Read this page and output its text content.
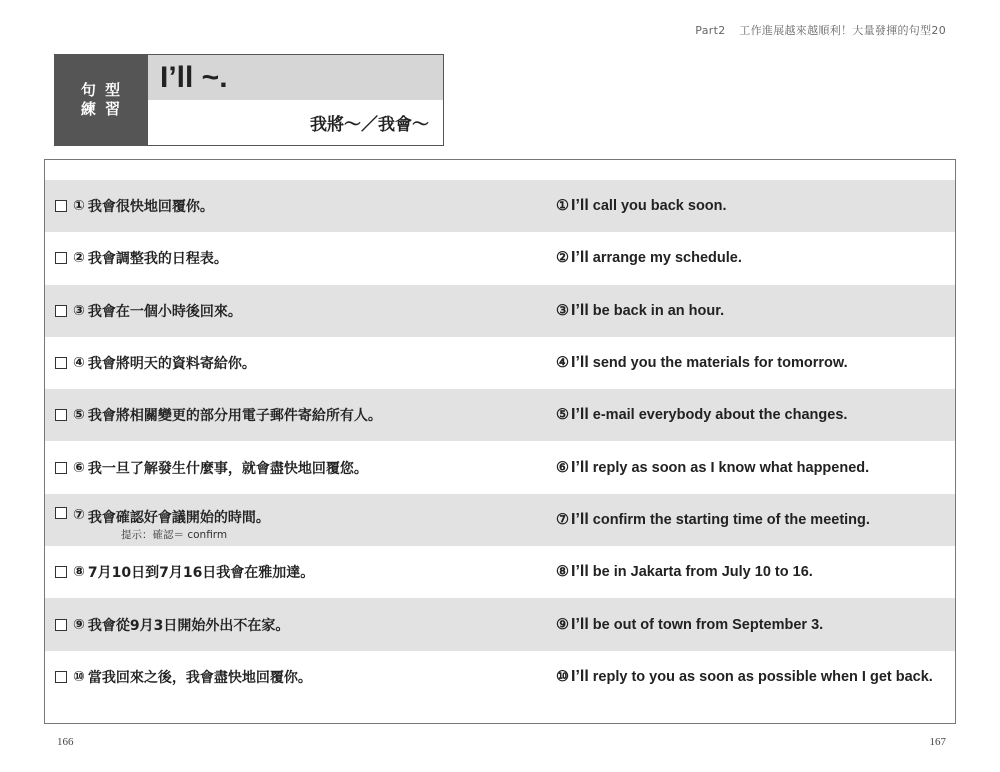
Part2 工作進展越來越順利！大量發揮的句型20
句 型
練 習
I’ll ~.
我將～／我會～
① 我會很快地回覆你。	① I’ll call you back soon.
② 我會調整我的日程表。	② I’ll arrange my schedule.
③ 我會在一個小時後回來。	③ I’ll be back in an hour.
④ 我會將明天的資料寄給你。	④ I’ll send you the materials for tomorrow.
⑤ 我會將相關變更的部分用電子郵件寄給所有人。	⑤ I’ll e-mail everybody about the changes.
⑥ 我一旦了解發生什麼事，就會盡快地回覆您。	⑥ I’ll reply as soon as I know what happened.
⑦ 我會確認好會議開始的時間。
提示：確認＝ confirm
⑦ I’ll confirm the starting time of the meeting.
⑧ 7月10日到7月16日我會在雅加達。	⑧ I’ll be in Jakarta from July 10 to 16.
⑨ 我會從9月3日開始外出不在家。	⑨ I’ll be out of town from September 3.
⑩ 當我回來之後，我會盡快地回覆你。	⑩ I’ll reply to you as soon as possible when I get back.
166	167
